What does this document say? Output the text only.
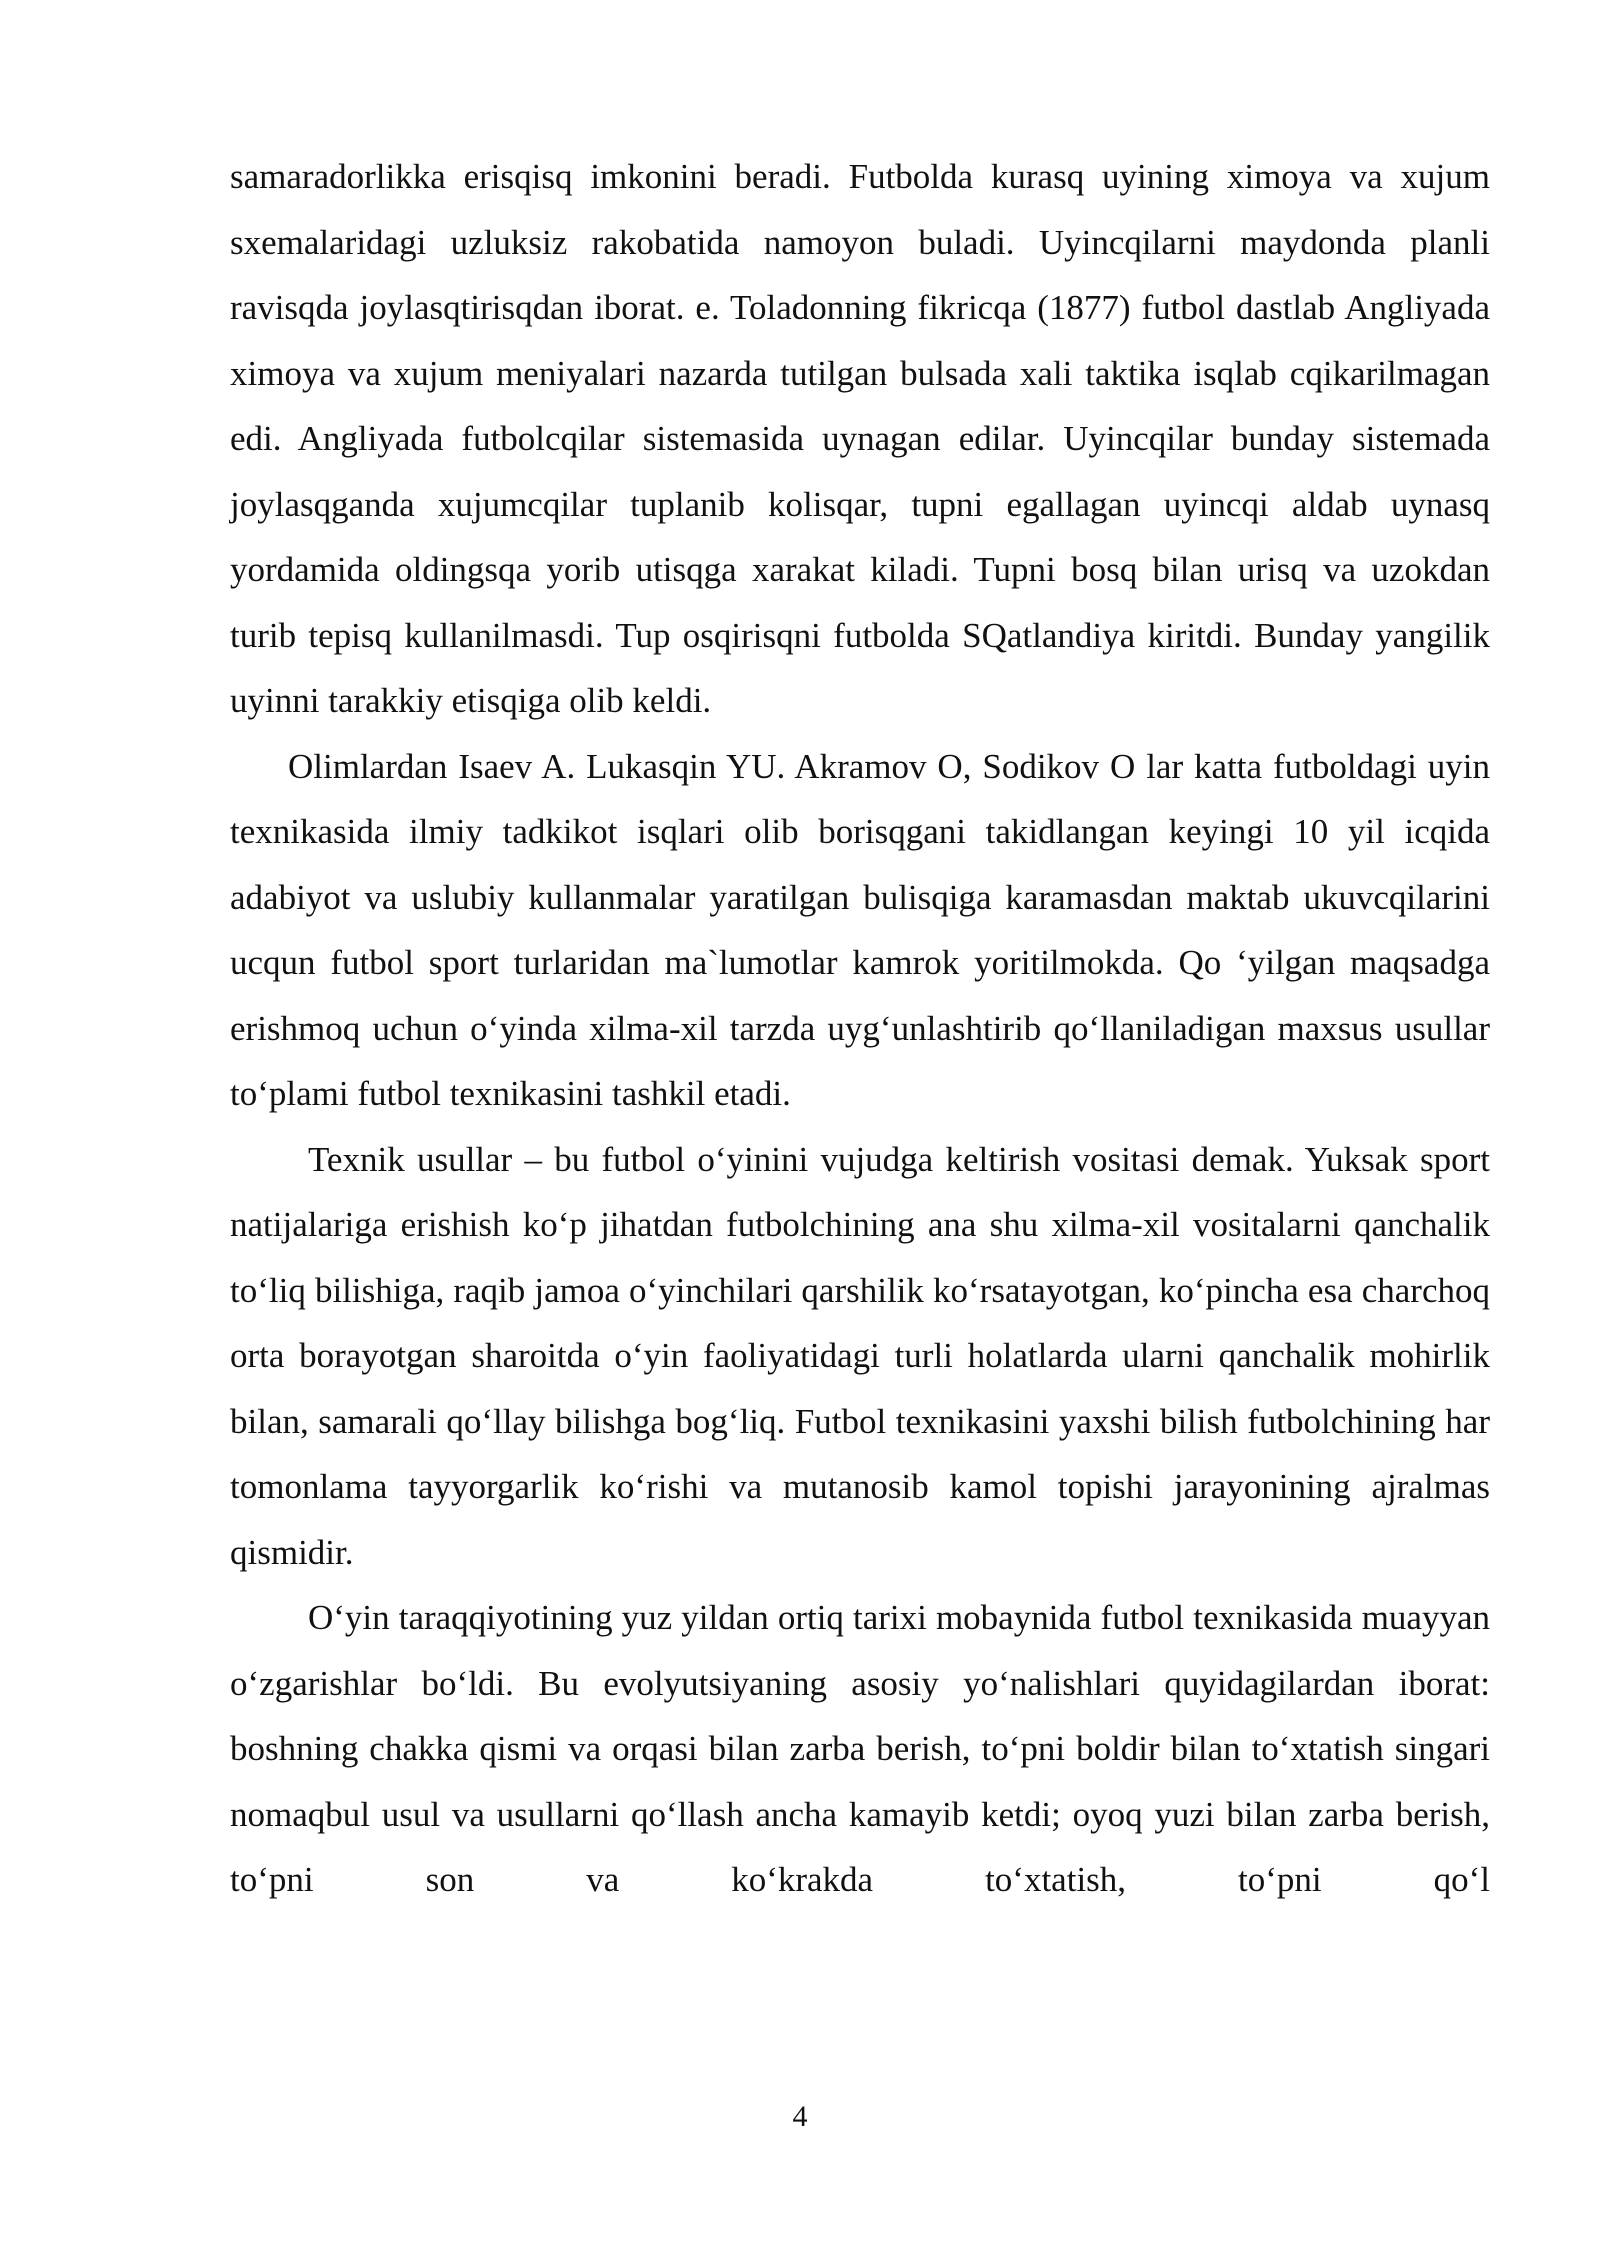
samaradorlikka erisqisq imkonini beradi. Futbolda kurasq uyining ximoya va xujum sxemalaridagi uzluksiz rakobatida namoyon buladi. Uyincqilarni maydonda planli ravisqda joylasqtirisqdan iborat. e. Toladonning fikricqa (1877) futbol dastlab Angliyada ximoya va xujum meniyalari nazarda tutilgan bulsada xali taktika isqlab cqikarilmagan edi. Angliyada futbolcqilar sistemasida uynagan edilar. Uyincqilar bunday sistemada joylasqganda xujumcqilar tuplanib kolisqar, tupni egallagan uyincqi aldab uynasq yordamida oldingsqa yorib utisqga xarakat kiladi. Tupni bosq bilan urisq va uzokdan turib tepisq kullanilmasdi. Tup osqirisqni futbolda SQatlandiya kiritdi. Bunday yangilik uyinni tarakkiy etisqiga olib keldi.

Olimlardan Isaev A. Lukasqin YU. Akramov O, Sodikov O lar katta futboldagi uyin texnikasida ilmiy tadkikot isqlari olib borisqgani takidlangan keyingi 10 yil icqida adabiyot va uslubiy kullanmalar yaratilgan bulisqiga karamasdan maktab ukuvcqilarini ucqun futbol sport turlaridan ma`lumotlar kamrok yoritilmokda. Qo ‘yilgan maqsadga erishmoq uchun o‘yinda xilma-xil tarzda uyg‘unlashtirib qo‘llaniladigan maxsus usullar to‘plami futbol texnikasini tashkil etadi.

Texnik usullar – bu futbol o‘yinini vujudga keltirish vositasi demak. Yuksak sport natijalariga erishish ko‘p jihatdan futbolchining ana shu xilma-xil vositalarni qanchalik to‘liq bilishiga, raqib jamoa o‘yinchilari qarshilik ko‘rsatayotgan, ko‘pincha esa charchoq orta borayotgan sharoitda o‘yin faoliyatidagi turli holatlarda ularni qanchalik mohirlik bilan, samarali qo‘llay bilishga bog‘liq. Futbol texnikasini yaxshi bilish futbolchining har tomonlama tayyorgarlik ko‘rishi va mutanosib kamol topishi jarayonining ajralmas qismidir.

O‘yin taraqqiyotining yuz yildan ortiq tarixi mobaynida futbol texnikasida muayyan o‘zgarishlar bo‘ldi. Bu evolyutsiyaning asosiy yo‘nalishlari quyidagilardan iborat: boshning chakka qismi va orqasi bilan zarba berish, to‘pni boldir bilan to‘xtatish singari nomaqbul usul va usullarni qo‘llash ancha kamayib ketdi; oyoq yuzi bilan zarba berish, to‘pni son va ko‘krakda to‘xtatish, to‘pni qo‘l

4
